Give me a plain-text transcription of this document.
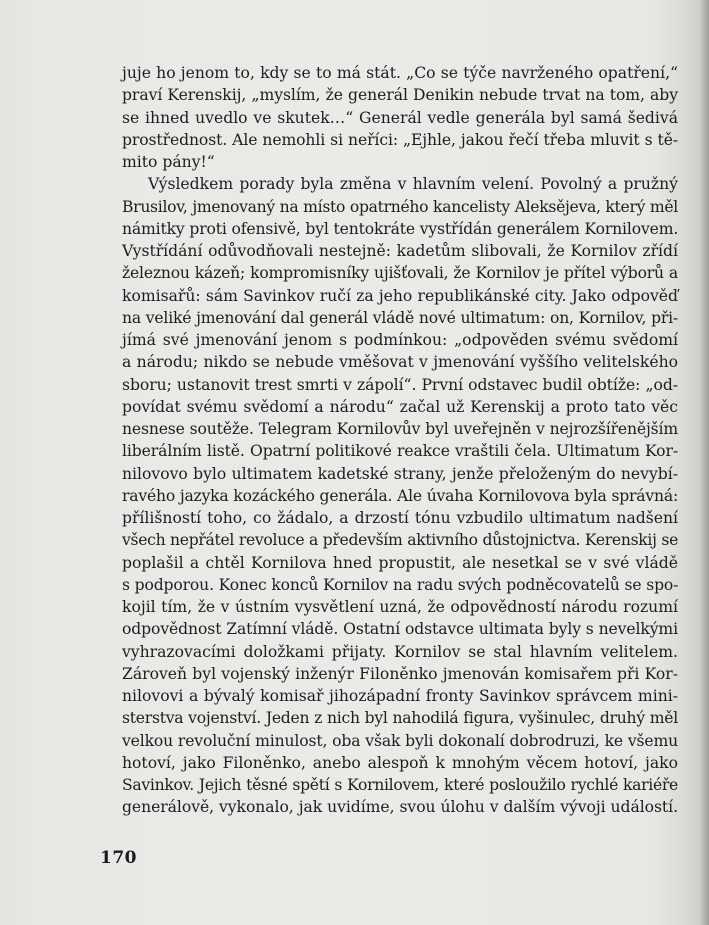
juje ho jenom to, kdy se to má stát. „Co se týče navrženého opatření,“
praví Kerenskij, „myslím, že generál Denikin nebude trvat na tom, aby
se ihned uvedlo ve skutek…“ Generál vedle generála byl samá šedivá
prostřednost. Ale nemohli si neříci: „Ejhle, jakou řečí třeba mluvit s tě-
mito pány!“
Výsledkem porady byla změna v hlavním velení. Povolný a pružný
Brusilov, jmenovaný na místo opatrného kancelisty Aleksějeva, který měl
námitky proti ofensivě, byl tentokráte vystřídán generálem Kornilovem.
Vystřídání odůvodňovali nestejně: kadetům slibovali, že Kornilov zřídí
železnou kázeň; kompromisníky ujišťovali, že Kornilov je přítel výborů a
komisařů: sám Savinkov ručí za jeho republikánské city. Jako odpověď
na veliké jmenování dal generál vládě nové ultimatum: on, Kornilov, při-
jímá své jmenování jenom s podmínkou: „odpověden svému svědomí
a národu; nikdo se nebude vměšovat v jmenování vyššího velitelského
sboru; ustanovit trest smrti v zápolí“. První odstavec budil obtíže: „od-
povídat svému svědomí a národu“ začal už Kerenskij a proto tato věc
nesnese soutěže. Telegram Kornilovův byl uveřejněn v nejrozšířenějším
liberálním listě. Opatrní politikové reakce vraštili čela. Ultimatum Kor-
nilovovo bylo ultimatem kadetské strany, jenže přeloženým do nevybí-
ravého jazyka kozáckého generála. Ale úvaha Kornilovova byla správná:
přílišností toho, co žádalo, a drzostí tónu vzbudilo ultimatum nadšení
všech nepřátel revoluce a především aktivního důstojnictva. Kerenskij se
poplašil a chtěl Kornilova hned propustit, ale nesetkal se v své vládě
s podporou. Konec konců Kornilov na radu svých podněcovatelů se spo-
kojil tím, že v ústním vysvětlení uzná, že odpovědností národu rozumí
odpovědnost Zatímní vládě. Ostatní odstavce ultimata byly s nevelkými
vyhrazovacími doložkami přijaty. Kornilov se stal hlavním velitelem.
Zároveň byl vojenský inženýr Filoněnko jmenován komisařem při Kor-
nilovovi a bývalý komisař jihozápadní fronty Savinkov správcem mini-
sterstva vojenství. Jeden z nich byl nahodilá figura, vyšinulec, druhý měl
velkou revoluční minulost, oba však byli dokonalí dobrodruzi, ke všemu
hotoví, jako Filoněnko, anebo alespoň k mnohým věcem hotoví, jako
Savinkov. Jejich těsné spětí s Kornilovem, které posloužilo rychlé kariéře
generálově, vykonalo, jak uvidíme, svou úlohu v dalším vývoji událostí.
170
